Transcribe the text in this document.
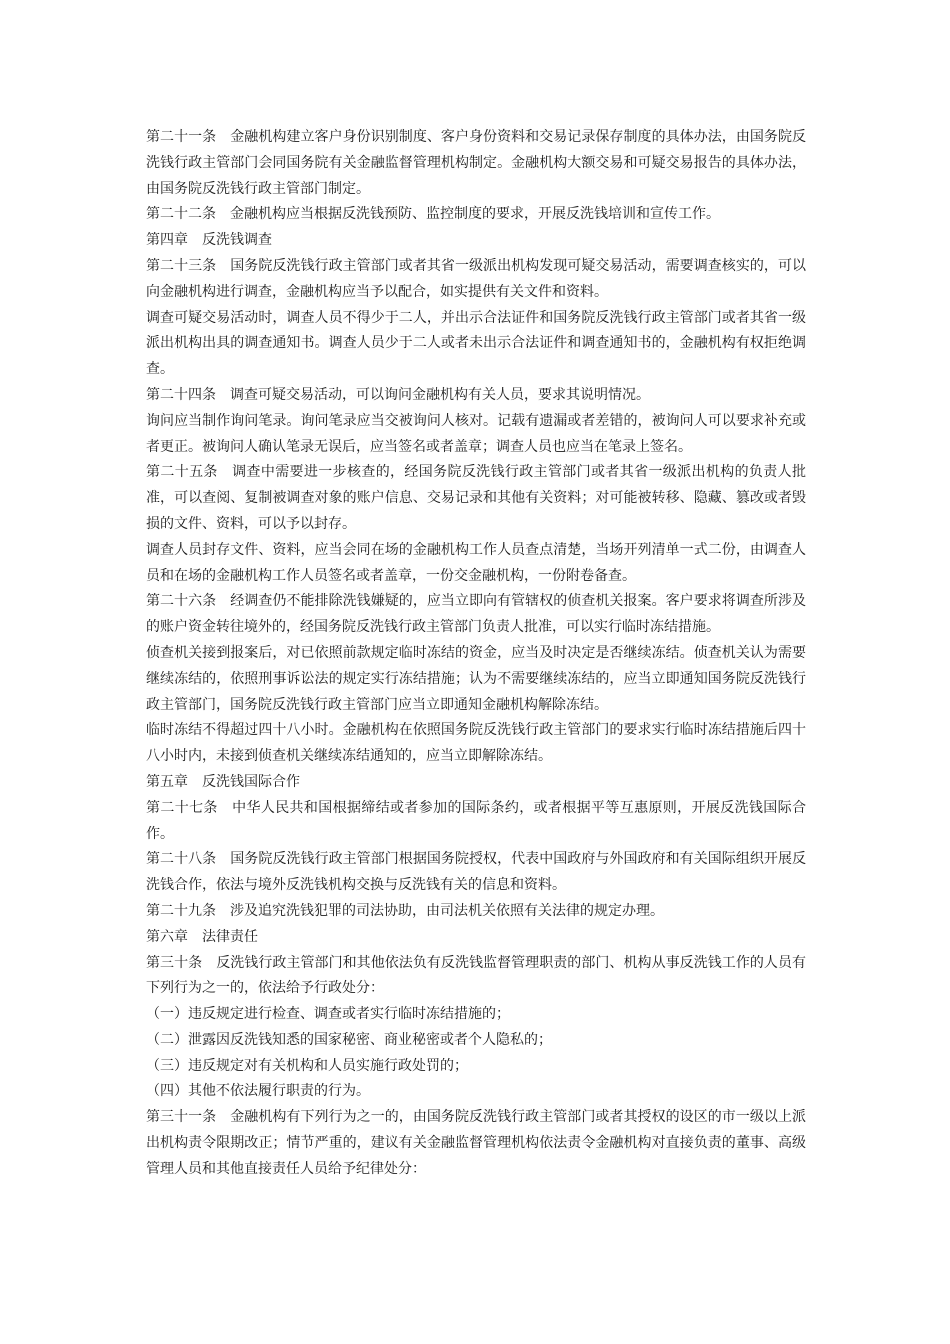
第二十一条　金融机构建立客户身份识别制度、客户身份资料和交易记录保存制度的具体办法，由国务院反洗钱行政主管部门会同国务院有关金融监督管理机构制定。金融机构大额交易和可疑交易报告的具体办法，由国务院反洗钱行政主管部门制定。

第二十二条　金融机构应当根据反洗钱预防、监控制度的要求，开展反洗钱培训和宣传工作。

第四章　反洗钱调查

第二十三条　国务院反洗钱行政主管部门或者其省一级派出机构发现可疑交易活动，需要调查核实的，可以向金融机构进行调查，金融机构应当予以配合，如实提供有关文件和资料。

调查可疑交易活动时，调查人员不得少于二人，并出示合法证件和国务院反洗钱行政主管部门或者其省一级派出机构出具的调查通知书。调查人员少于二人或者未出示合法证件和调查通知书的，金融机构有权拒绝调查。

第二十四条　调查可疑交易活动，可以询问金融机构有关人员，要求其说明情况。

询问应当制作询问笔录。询问笔录应当交被询问人核对。记载有遗漏或者差错的，被询问人可以要求补充或者更正。被询问人确认笔录无误后，应当签名或者盖章；调查人员也应当在笔录上签名。

第二十五条　调查中需要进一步核查的，经国务院反洗钱行政主管部门或者其省一级派出机构的负责人批准，可以查阅、复制被调查对象的账户信息、交易记录和其他有关资料；对可能被转移、隐藏、篡改或者毁损的文件、资料，可以予以封存。

调查人员封存文件、资料，应当会同在场的金融机构工作人员查点清楚，当场开列清单一式二份，由调查人员和在场的金融机构工作人员签名或者盖章，一份交金融机构，一份附卷备查。

第二十六条　经调查仍不能排除洗钱嫌疑的，应当立即向有管辖权的侦查机关报案。客户要求将调查所涉及的账户资金转往境外的，经国务院反洗钱行政主管部门负责人批准，可以实行临时冻结措施。

侦查机关接到报案后，对已依照前款规定临时冻结的资金，应当及时决定是否继续冻结。侦查机关认为需要继续冻结的，依照刑事诉讼法的规定实行冻结措施；认为不需要继续冻结的，应当立即通知国务院反洗钱行政主管部门，国务院反洗钱行政主管部门应当立即通知金融机构解除冻结。

临时冻结不得超过四十八小时。金融机构在依照国务院反洗钱行政主管部门的要求实行临时冻结措施后四十八小时内，未接到侦查机关继续冻结通知的，应当立即解除冻结。

第五章　反洗钱国际合作

第二十七条　中华人民共和国根据缔结或者参加的国际条约，或者根据平等互惠原则，开展反洗钱国际合作。

第二十八条　国务院反洗钱行政主管部门根据国务院授权，代表中国政府与外国政府和有关国际组织开展反洗钱合作，依法与境外反洗钱机构交换与反洗钱有关的信息和资料。

第二十九条　涉及追究洗钱犯罪的司法协助，由司法机关依照有关法律的规定办理。

第六章　法律责任

第三十条　反洗钱行政主管部门和其他依法负有反洗钱监督管理职责的部门、机构从事反洗钱工作的人员有下列行为之一的，依法给予行政处分：

（一）违反规定进行检查、调查或者实行临时冻结措施的；

（二）泄露因反洗钱知悉的国家秘密、商业秘密或者个人隐私的；

（三）违反规定对有关机构和人员实施行政处罚的；

（四）其他不依法履行职责的行为。

第三十一条　金融机构有下列行为之一的，由国务院反洗钱行政主管部门或者其授权的设区的市一级以上派出机构责令限期改正；情节严重的，建议有关金融监督管理机构依法责令金融机构对直接负责的董事、高级管理人员和其他直接责任人员给予纪律处分：
